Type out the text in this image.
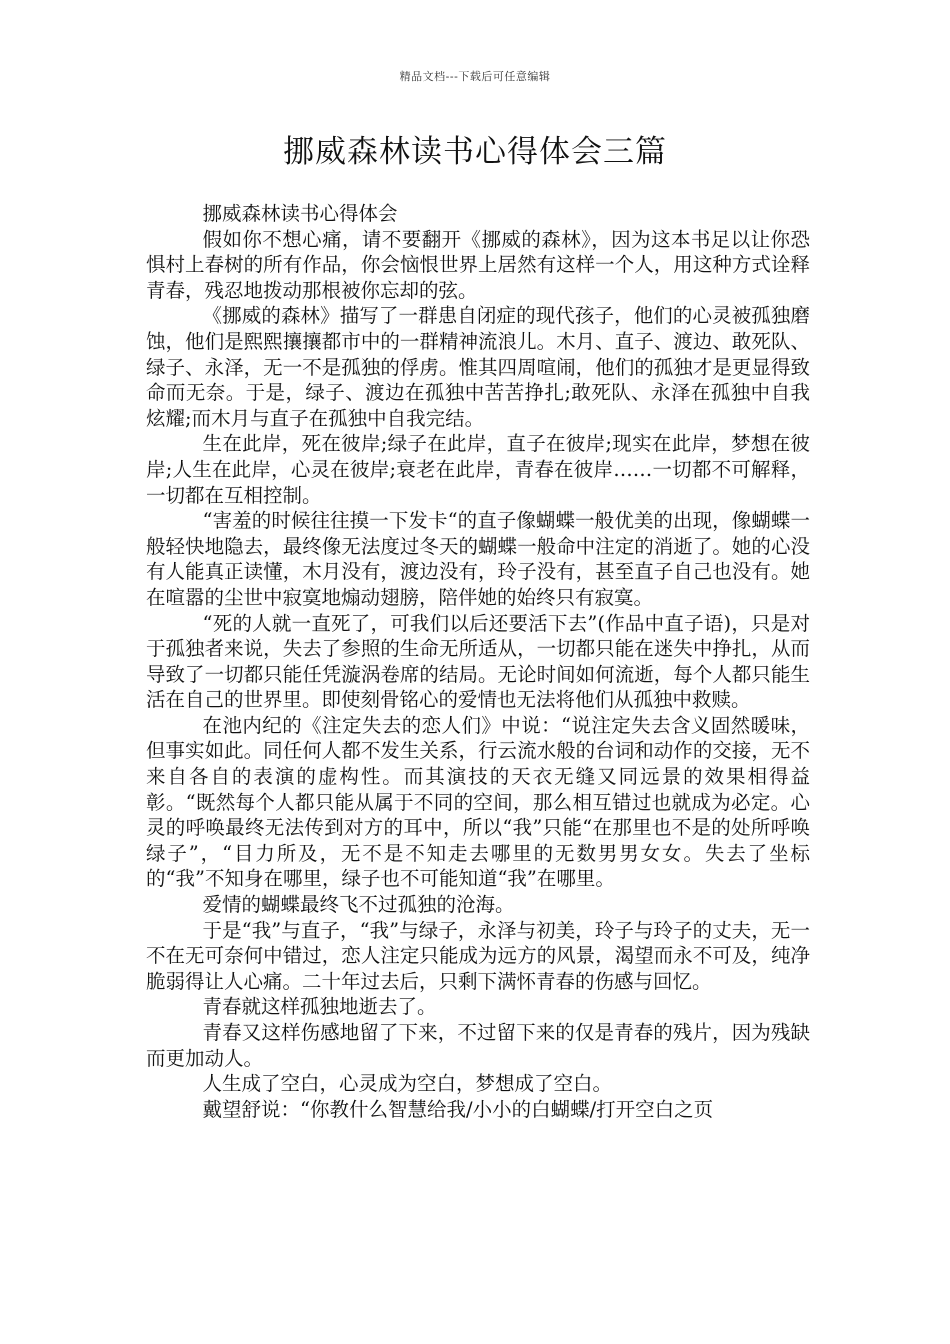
精品文档---下载后可任意编辑
挪威森林读书心得体会三篇

挪威森林读书心得体会

假如你不想心痛，请不要翻开《挪威的森林》，因为这本书足以让你恐惧村上春树的所有作品，你会恼恨世界上居然有这样一个人，用这种方式诠释青春，残忍地拨动那根被你忘却的弦。

《挪威的森林》描写了一群患自闭症的现代孩子，他们的心灵被孤独磨蚀，他们是熙熙攘攘都市中的一群精神流浪儿。木月、直子、渡边、敢死队、绿子、永泽，无一不是孤独的俘虏。惟其四周喧闹，他们的孤独才是更显得致命而无奈。于是，绿子、渡边在孤独中苦苦挣扎;敢死队、永泽在孤独中自我炫耀;而木月与直子在孤独中自我完结。

生在此岸，死在彼岸;绿子在此岸，直子在彼岸;现实在此岸，梦想在彼岸;人生在此岸，心灵在彼岸;衰老在此岸，青春在彼岸……一切都不可解释，一切都在互相控制。

“害羞的时候往往摸一下发卡“的直子像蝴蝶一般优美的出现，像蝴蝶一般轻快地隐去，最终像无法度过冬天的蝴蝶一般命中注定的消逝了。她的心没有人能真正读懂，木月没有，渡边没有，玲子没有，甚至直子自己也没有。她在喧嚣的尘世中寂寞地煽动翅膀，陪伴她的始终只有寂寞。

“死的人就一直死了，可我们以后还要活下去”(作品中直子语)，只是对于孤独者来说，失去了参照的生命无所适从，一切都只能在迷失中挣扎，从而导致了一切都只能任凭漩涡卷席的结局。无论时间如何流逝，每个人都只能生活在自己的世界里。即使刻骨铭心的爱情也无法将他们从孤独中救赎。

在池内纪的《注定失去的恋人们》中说：“说注定失去含义固然暖味，但事实如此。同任何人都不发生关系，行云流水般的台词和动作的交接，无不来自各自的表演的虚构性。而其演技的天衣无缝又同远景的效果相得益彰。“既然每个人都只能从属于不同的空间，那么相互错过也就成为必定。心灵的呼唤最终无法传到对方的耳中，所以“我”只能“在那里也不是的处所呼唤绿子”，“目力所及，无不是不知走去哪里的无数男男女女。失去了坐标的“我”不知身在哪里，绿子也不可能知道“我”在哪里。

爱情的蝴蝶最终飞不过孤独的沧海。

于是“我”与直子，“我”与绿子，永泽与初美，玲子与玲子的丈夫，无一不在无可奈何中错过，恋人注定只能成为远方的风景，渴望而永不可及，纯净脆弱得让人心痛。二十年过去后，只剩下满怀青春的伤感与回忆。

青春就这样孤独地逝去了。

青春又这样伤感地留了下来，不过留下来的仅是青春的残片，因为残缺而更加动人。

人生成了空白，心灵成为空白，梦想成了空白。

戴望舒说：“你教什么智慧给我/小小的白蝴蝶/打开空白之页
